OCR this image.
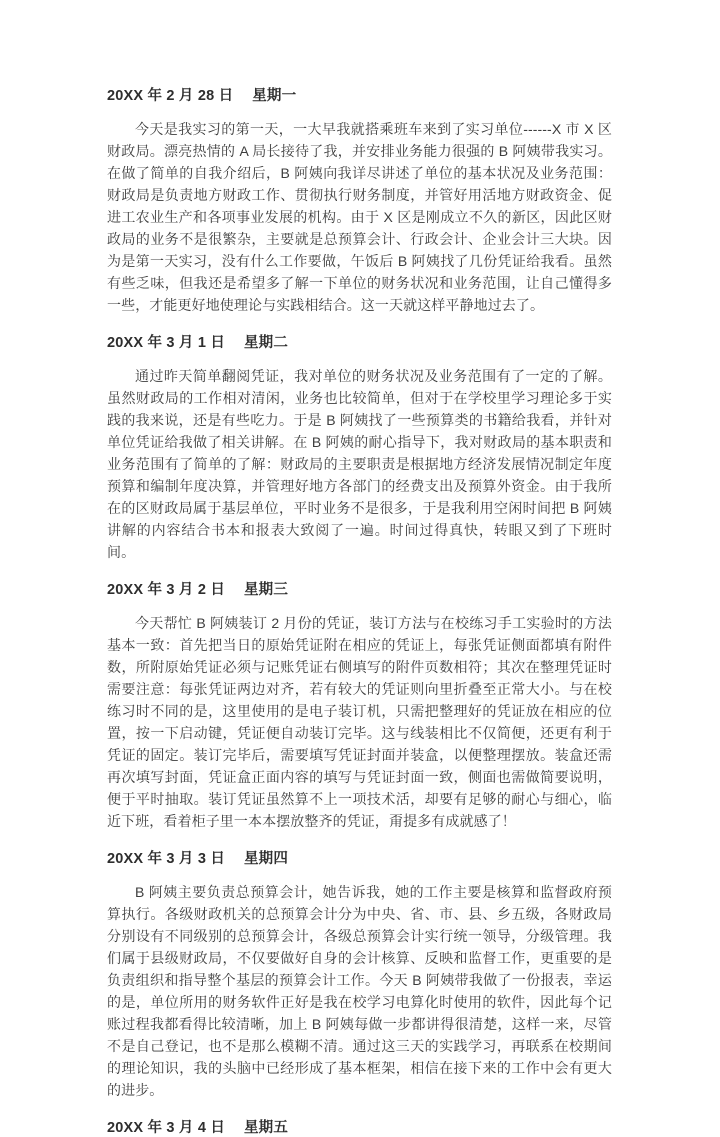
20XX 年 2 月 28 日　 星期一

今天是我实习的第一天，一大早我就搭乘班车来到了实习单位------X 市 X 区财政局。漂亮热情的 A 局长接待了我，并安排业务能力很强的 B 阿姨带我实习。在做了简单的自我介绍后，B 阿姨向我详尽讲述了单位的基本状况及业务范围：财政局是负责地方财政工作、贯彻执行财务制度，并管好用活地方财政资金、促进工农业生产和各项事业发展的机构。由于 X 区是刚成立不久的新区，因此区财政局的业务不是很繁杂，主要就是总预算会计、行政会计、企业会计三大块。因为是第一天实习，没有什么工作要做，午饭后 B 阿姨找了几份凭证给我看。虽然有些乏味，但我还是希望多了解一下单位的财务状况和业务范围，让自己懂得多一些，才能更好地使理论与实践相结合。这一天就这样平静地过去了。

20XX 年 3 月 1 日　 星期二

通过昨天简单翻阅凭证，我对单位的财务状况及业务范围有了一定的了解。虽然财政局的工作相对清闲，业务也比较简单，但对于在学校里学习理论多于实践的我来说，还是有些吃力。于是 B 阿姨找了一些预算类的书籍给我看，并针对单位凭证给我做了相关讲解。在 B 阿姨的耐心指导下，我对财政局的基本职责和业务范围有了简单的了解：财政局的主要职责是根据地方经济发展情况制定年度预算和编制年度决算，并管理好地方各部门的经费支出及预算外资金。由于我所在的区财政局属于基层单位，平时业务不是很多，于是我利用空闲时间把 B 阿姨讲解的内容结合书本和报表大致阅了一遍。时间过得真快，转眼又到了下班时间。

20XX 年 3 月 2 日　 星期三

今天帮忙 B 阿姨装订 2 月份的凭证，装订方法与在校练习手工实验时的方法基本一致：首先把当日的原始凭证附在相应的凭证上，每张凭证侧面都填有附件数，所附原始凭证必须与记账凭证右侧填写的附件页数相符；其次在整理凭证时需要注意：每张凭证两边对齐，若有较大的凭证则向里折叠至正常大小。与在校练习时不同的是，这里使用的是电子装订机，只需把整理好的凭证放在相应的位置，按一下启动键，凭证便自动装订完毕。这与线装相比不仅简便，还更有利于凭证的固定。装订完毕后，需要填写凭证封面并装盒，以便整理摆放。装盒还需再次填写封面，凭证盒正面内容的填写与凭证封面一致，侧面也需做简要说明，便于平时抽取。装订凭证虽然算不上一项技术活，却要有足够的耐心与细心，临近下班，看着柜子里一本本摆放整齐的凭证，甭提多有成就感了！

20XX 年 3 月 3 日　 星期四

B 阿姨主要负责总预算会计，她告诉我，她的工作主要是核算和监督政府预算执行。各级财政机关的总预算会计分为中央、省、市、县、乡五级，各财政局分别设有不同级别的总预算会计，各级总预算会计实行统一领导，分级管理。我们属于县级财政局，不仅要做好自身的会计核算、反映和监督工作，更重要的是负责组织和指导整个基层的预算会计工作。今天 B 阿姨带我做了一份报表，幸运的是，单位所用的财务软件正好是我在校学习电算化时使用的软件，因此每个记账过程我都看得比较清晰，加上 B 阿姨每做一步都讲得很清楚，这样一来，尽管不是自己登记，也不是那么模糊不清。通过这三天的实践学习，再联系在校期间的理论知识，我的头脑中已经形成了基本框架，相信在接下来的工作中会有更大的进步。

20XX 年 3 月 4 日　 星期五
